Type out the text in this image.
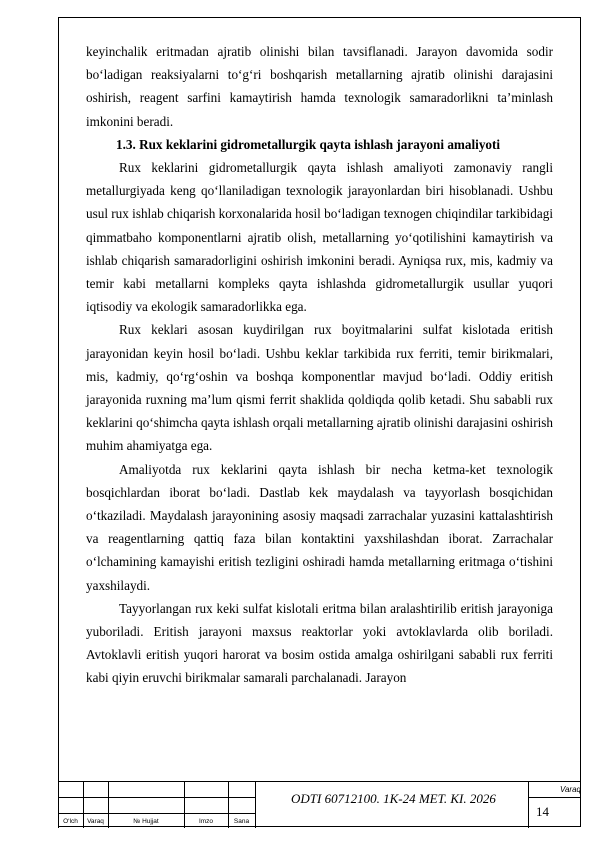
keyinchalik eritmadan ajratib olinishi bilan tavsiflanadi. Jarayon davomida sodir bo‘ladigan reaksiyalarni to‘g‘ri boshqarish metallarning ajratib olinishi darajasini oshirish, reagent sarfini kamaytirish hamda texnologik samaradorlikni ta’minlash imkonini beradi.

1.3. Rux keklarini gidrometallurgik qayta ishlash jarayoni amaliyoti

Rux keklarini gidrometallurgik qayta ishlash amaliyoti zamonaviy rangli metallurgiyada keng qo‘llaniladigan texnologik jarayonlardan biri hisoblanadi. Ushbu usul rux ishlab chiqarish korxonalarida hosil bo‘ladigan texnogen chiqindilar tarkibidagi qimmatbaho komponentlarni ajratib olish, metallarning yo‘qotilishini kamaytirish va ishlab chiqarish samaradorligini oshirish imkonini beradi. Ayniqsa rux, mis, kadmiy va temir kabi metallarni kompleks qayta ishlashda gidrometallurgik usullar yuqori iqtisodiy va ekologik samaradorlikka ega.

Rux keklari asosan kuydirilgan rux boyitmalarini sulfat kislotada eritish jarayonidan keyin hosil bo‘ladi. Ushbu keklar tarkibida rux ferriti, temir birikmalari, mis, kadmiy, qo‘rg‘oshin va boshqa komponentlar mavjud bo‘ladi. Oddiy eritish jarayonida ruxning ma’lum qismi ferrit shaklida qoldiqda qolib ketadi. Shu sababli rux keklarini qo‘shimcha qayta ishlash orqali metallarning ajratib olinishi darajasini oshirish muhim ahamiyatga ega.

Amaliyotda rux keklarini qayta ishlash bir necha ketma-ket texnologik bosqichlardan iborat bo‘ladi. Dastlab kek maydalash va tayyorlash bosqichidan o‘tkaziladi. Maydalash jarayonining asosiy maqsadi zarrachalar yuzasini kattalashtirish va reagentlarning qattiq faza bilan kontaktini yaxshilashdan iborat. Zarrachalar o‘lchamining kamayishi eritish tezligini oshiradi hamda metallarning eritmaga o‘tishini yaxshilaydi.

Tayyorlangan rux keki sulfat kislotali eritma bilan aralashtirilib eritish jarayoniga yuboriladi. Eritish jarayoni maxsus reaktorlar yoki avtoklavlarda olib boriladi. Avtoklavli eritish yuqori harorat va bosim ostida amalga oshirilgani sababli rux ferriti kabi qiyin eruvchi birikmalar samarali parchalanadi. Jarayon

O‘lch	Varaq	№ Hujjat	Imzo	Sana
ODTI 60712100. 1K-24 MET. KI. 2026
Varaq
14
